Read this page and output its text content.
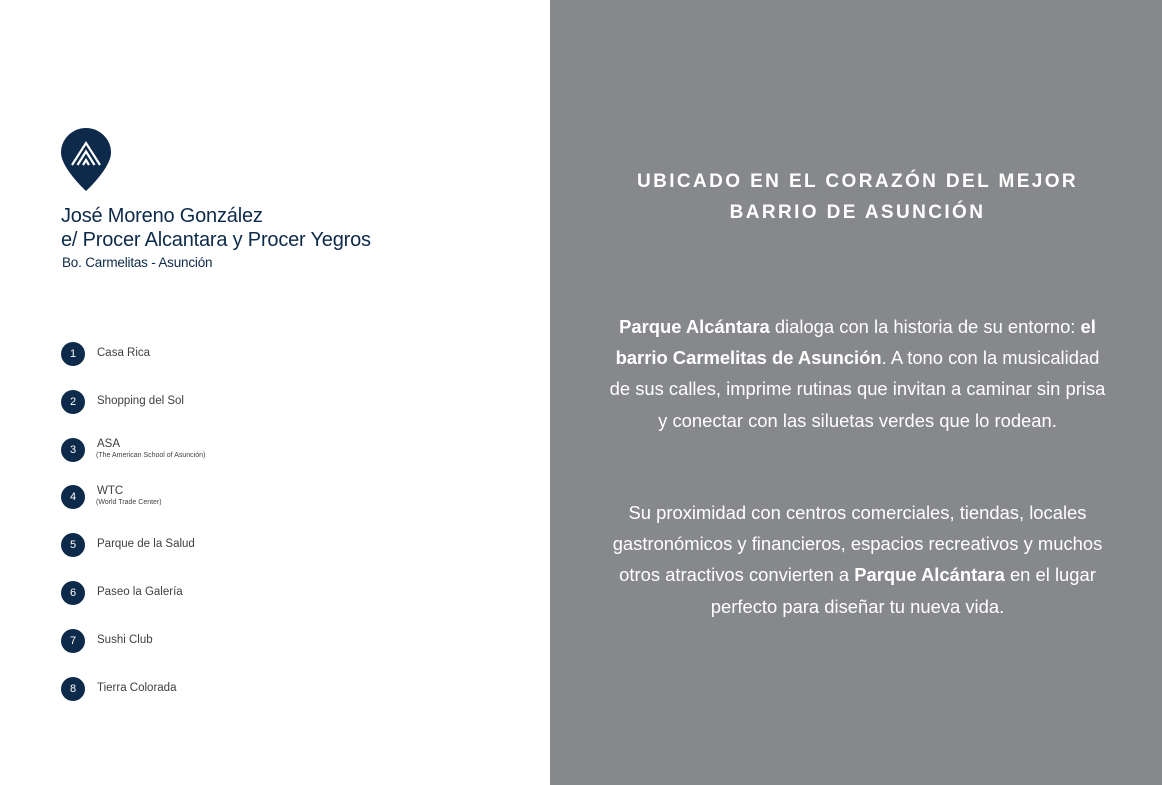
José Moreno González
e/ Procer Alcantara y Procer Yegros
Bo. Carmelitas - Asunción
1	Casa Rica
2	Shopping del Sol
3	ASA
(The American School of Asunción)
4	WTC
(World Trade Center)
5	Parque de la Salud
6	Paseo la Galería
7	Sushi Club
8	Tierra Colorada
UBICADO EN EL CORAZÓN DEL MEJOR BARRIO DE ASUNCIÓN

Parque Alcántara dialoga con la historia de su entorno: el barrio Carmelitas de Asunción. A tono con la musicalidad de sus calles, imprime rutinas que invitan a caminar sin prisa y conectar con las siluetas verdes que lo rodean.

Su proximidad con centros comerciales, tiendas, locales gastronómicos y financieros, espacios recreativos y muchos otros atractivos convierten a Parque Alcántara en el lugar perfecto para diseñar tu nueva vida.
